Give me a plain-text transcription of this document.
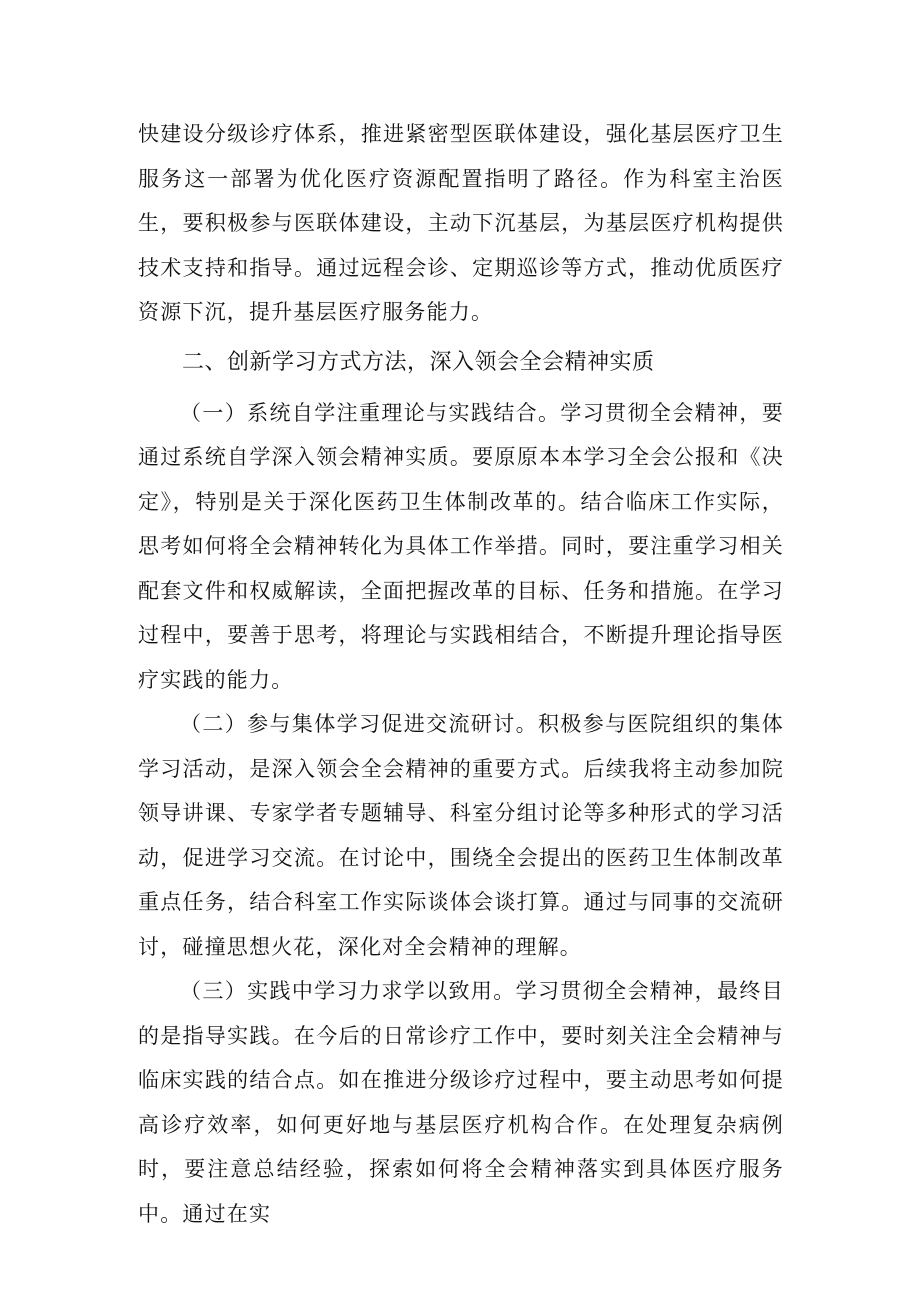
快建设分级诊疗体系，推进紧密型医联体建设，强化基层医疗卫生服务这一部署为优化医疗资源配置指明了路径。作为科室主治医生，要积极参与医联体建设，主动下沉基层，为基层医疗机构提供技术支持和指导。通过远程会诊、定期巡诊等方式，推动优质医疗资源下沉，提升基层医疗服务能力。

二、创新学习方式方法，深入领会全会精神实质

（一）系统自学注重理论与实践结合。学习贯彻全会精神，要通过系统自学深入领会精神实质。要原原本本学习全会公报和《决定》，特别是关于深化医药卫生体制改革的。结合临床工作实际，思考如何将全会精神转化为具体工作举措。同时，要注重学习相关配套文件和权威解读，全面把握改革的目标、任务和措施。在学习过程中，要善于思考，将理论与实践相结合，不断提升理论指导医疗实践的能力。

（二）参与集体学习促进交流研讨。积极参与医院组织的集体学习活动，是深入领会全会精神的重要方式。后续我将主动参加院领导讲课、专家学者专题辅导、科室分组讨论等多种形式的学习活动，促进学习交流。在讨论中，围绕全会提出的医药卫生体制改革重点任务，结合科室工作实际谈体会谈打算。通过与同事的交流研讨，碰撞思想火花，深化对全会精神的理解。

（三）实践中学习力求学以致用。学习贯彻全会精神，最终目的是指导实践。在今后的日常诊疗工作中，要时刻关注全会精神与临床实践的结合点。如在推进分级诊疗过程中，要主动思考如何提高诊疗效率，如何更好地与基层医疗机构合作。在处理复杂病例时，要注意总结经验，探索如何将全会精神落实到具体医疗服务中。通过在实
